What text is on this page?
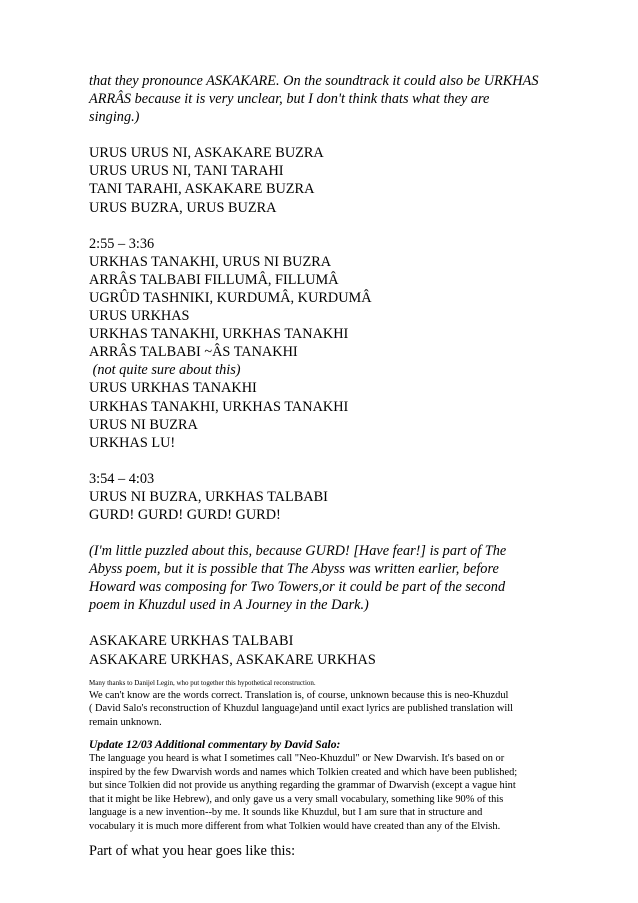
that they pronounce ASKAKARE. On the soundtrack it could also be URKHAS
ARRÂS because it is very unclear, but I don't think thats what they are
singing.)

URUS URUS NI, ASKAKARE BUZRA

URUS URUS NI, TANI TARAHI

TANI TARAHI, ASKAKARE BUZRA

URUS BUZRA, URUS BUZRA

2:55 – 3:36

URKHAS TANAKHI, URUS NI BUZRA

ARRÂS TALBABI FILLUMÂ, FILLUMÂ

UGRÛD TASHNIKI, KURDUMÂ, KURDUMÂ

URUS URKHAS

URKHAS TANAKHI, URKHAS TANAKHI

ARRÂS TALBABI ~ÂS TANAKHI

(not quite sure about this)

URUS URKHAS TANAKHI

URKHAS TANAKHI, URKHAS TANAKHI

URUS NI BUZRA

URKHAS LU!

3:54 – 4:03

URUS NI BUZRA, URKHAS TALBABI

GURD! GURD! GURD! GURD!

(I'm little puzzled about this, because GURD! [Have fear!] is part of The
Abyss poem, but it is possible that The Abyss was written earlier, before
Howard was composing for Two Towers,or it could be part of the second
poem in Khuzdul used in A Journey in the Dark.)

ASKAKARE URKHAS TALBABI

ASKAKARE URKHAS, ASKAKARE URKHAS

Many thanks to Danijel Legin, who put together this hypothetical reconstruction.

We can't know are the words correct. Translation is, of course, unknown because this is neo-Khuzdul
( David Salo's reconstruction of Khuzdul language)and until exact lyrics are published translation will
remain unknown.

Update 12/03 Additional commentary by David Salo:

The language you heard is what I sometimes call "Neo-Khuzdul" or New Dwarvish. It's based on or
inspired by the few Dwarvish words and names which Tolkien created and which have been published;
but since Tolkien did not provide us anything regarding the grammar of Dwarvish (except a vague hint
that it might be like Hebrew), and only gave us a very small vocabulary, something like 90% of this
language is a new invention--by me. It sounds like Khuzdul, but I am sure that in structure and
vocabulary it is much more different from what Tolkien would have created than any of the Elvish.

Part of what you hear goes like this:
